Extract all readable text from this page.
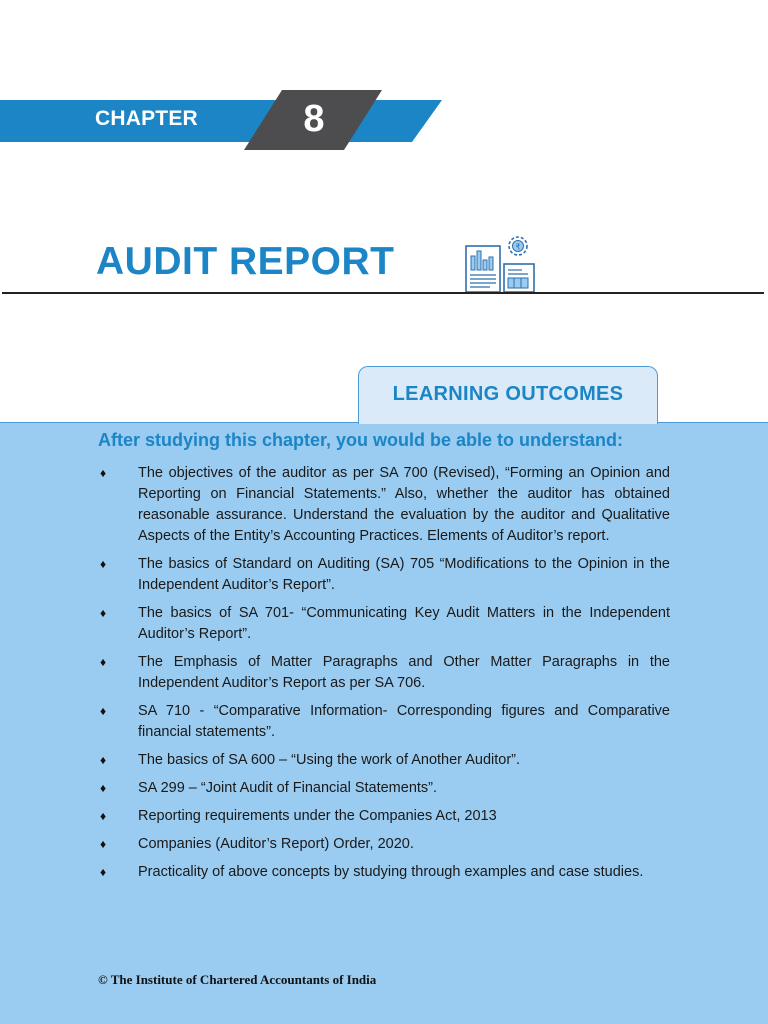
CHAPTER	8
AUDIT REPORT	₹
LEARNING OUTCOMES
After studying this chapter, you would be able to understand:
♦ The objectives of the auditor as per SA 700 (Revised), “Forming an Opinion and Reporting on Financial Statements.” Also, whether the auditor has obtained reasonable assurance. Understand the evaluation by the auditor and Qualitative Aspects of the Entity’s Accounting Practices. Elements of Auditor’s report.
♦ The basics of Standard on Auditing (SA) 705 “Modifications to the Opinion in the Independent Auditor’s Report”.
♦ The basics of SA 701- “Communicating Key Audit Matters in the Independent Auditor’s Report”.
♦ The Emphasis of Matter Paragraphs and Other Matter Paragraphs in the Independent Auditor’s Report as per SA 706.
♦ SA 710 - “Comparative Information- Corresponding figures and Comparative financial statements”.
♦ The basics of SA 600 – “Using the work of Another Auditor”.
♦ SA 299 – “Joint Audit of Financial Statements”.
♦ Reporting requirements under the Companies Act, 2013
♦ Companies (Auditor’s Report) Order, 2020.
♦ Practicality of above concepts by studying through examples and case studies.
© The Institute of Chartered Accountants of India
